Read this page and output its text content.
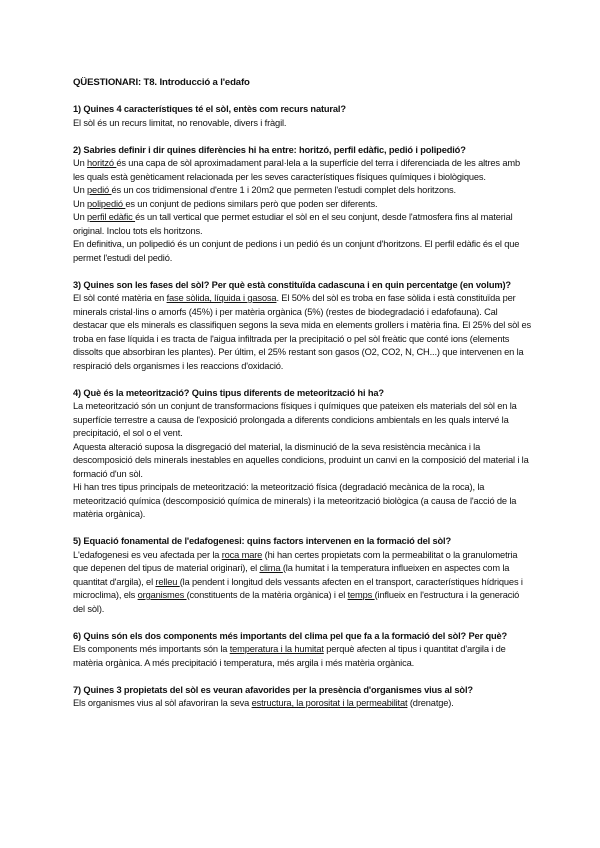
QÜESTIONARI: T8. Introducció a l'edafo

1) Quines 4 característiques té el sòl, entès com recurs natural?

El sòl és un recurs limitat, no renovable, divers i fràgil.

2) Sabries definir i dir quines diferències hi ha entre: horitzó, perfil edàfic, pedió i polipedió?

Un horitzó és una capa de sòl aproximadament paral·lela a la superfície del terra i diferenciada de les altres amb les quals està genèticament relacionada per les seves característiques físiques químiques i biològiques.

Un pedió és un cos tridimensional d'entre 1 i 20m2 que permeten l'estudi complet dels horitzons.

Un polipedió es un conjunt de pedions similars però que poden ser diferents.

Un perfil edàfic és un tall vertical que permet estudiar el sòl en el seu conjunt, desde l'atmosfera fins al material original. Inclou tots els horitzons.

En definitiva, un polipedió és un conjunt de pedions i un pedió és un conjunt d'horitzons. El perfil edàfic és el que permet l'estudi del pedió.

3) Quines son les fases del sòl? Per què està constituïda cadascuna i en quin percentatge (en volum)?

El sòl conté matèria en fase sòlida, líquida i gasosa. El 50% del sòl es troba en fase sòlida i està constituïda per minerals cristal·lins o amorfs (45%) i per matèria orgànica (5%) (restes de biodegradació i edafofauna). Cal destacar que els minerals es classifiquen segons la seva mida en elements grollers i matèria fina. El 25% del sòl es troba en fase líquida i es tracta de l'aigua infiltrada per la precipitació o pel sòl freàtic que conté ions (elements dissolts que absorbiran les plantes). Per últim, el 25% restant son gasos (O2, CO2, N, CH...) que intervenen en la respiració dels organismes i les reaccions d'oxidació.

4) Què és la meteorització? Quins tipus diferents de meteorització hi ha?

La meteorització són un conjunt de transformacions físiques i químiques que pateixen els materials del sòl en la superfície terrestre a causa de l'exposició prolongada a diferents condicions ambientals en les quals intervé la precipitació, el sol o el vent.

Aquesta alteració suposa la disgregació del material, la disminució de la seva resistència mecànica i la descomposició dels minerals inestables en aquelles condicions, produint un canvi en la composició del material i la formació d'un sòl.

Hi han tres tipus principals de meteorització: la meteorització física (degradació mecànica de la roca), la meteorització química (descomposició química de minerals) i la meteorització biològica (a causa de l'acció de la matèria orgànica).

5) Equació fonamental de l'edafogenesi: quins factors intervenen en la formació del sòl?

L'edafogenesi es veu afectada per la roca mare (hi han certes propietats com la permeabilitat o la granulometria que depenen del tipus de material originari), el clima (la humitat i la temperatura influeixen en aspectes com la quantitat d'argila), el relleu (la pendent i longitud dels vessants afecten en el transport, característiques hídriques i microclima), els organismes (constituents de la matèria orgànica) i el temps (influeix en l'estructura i la generació del sòl).

6) Quins són els dos components més importants del clima pel que fa a la formació del sòl? Per què?

Els components més importants són la temperatura i la humitat perquè afecten al tipus i quantitat d'argila i de matèria orgànica. A més precipitació i temperatura, més argila i més matèria orgànica.

7) Quines 3 propietats del sòl es veuran afavorides per la presència d'organismes vius al sòl?

Els organismes vius al sòl afavoriran la seva estructura, la porositat i la permeabilitat (drenatge).
